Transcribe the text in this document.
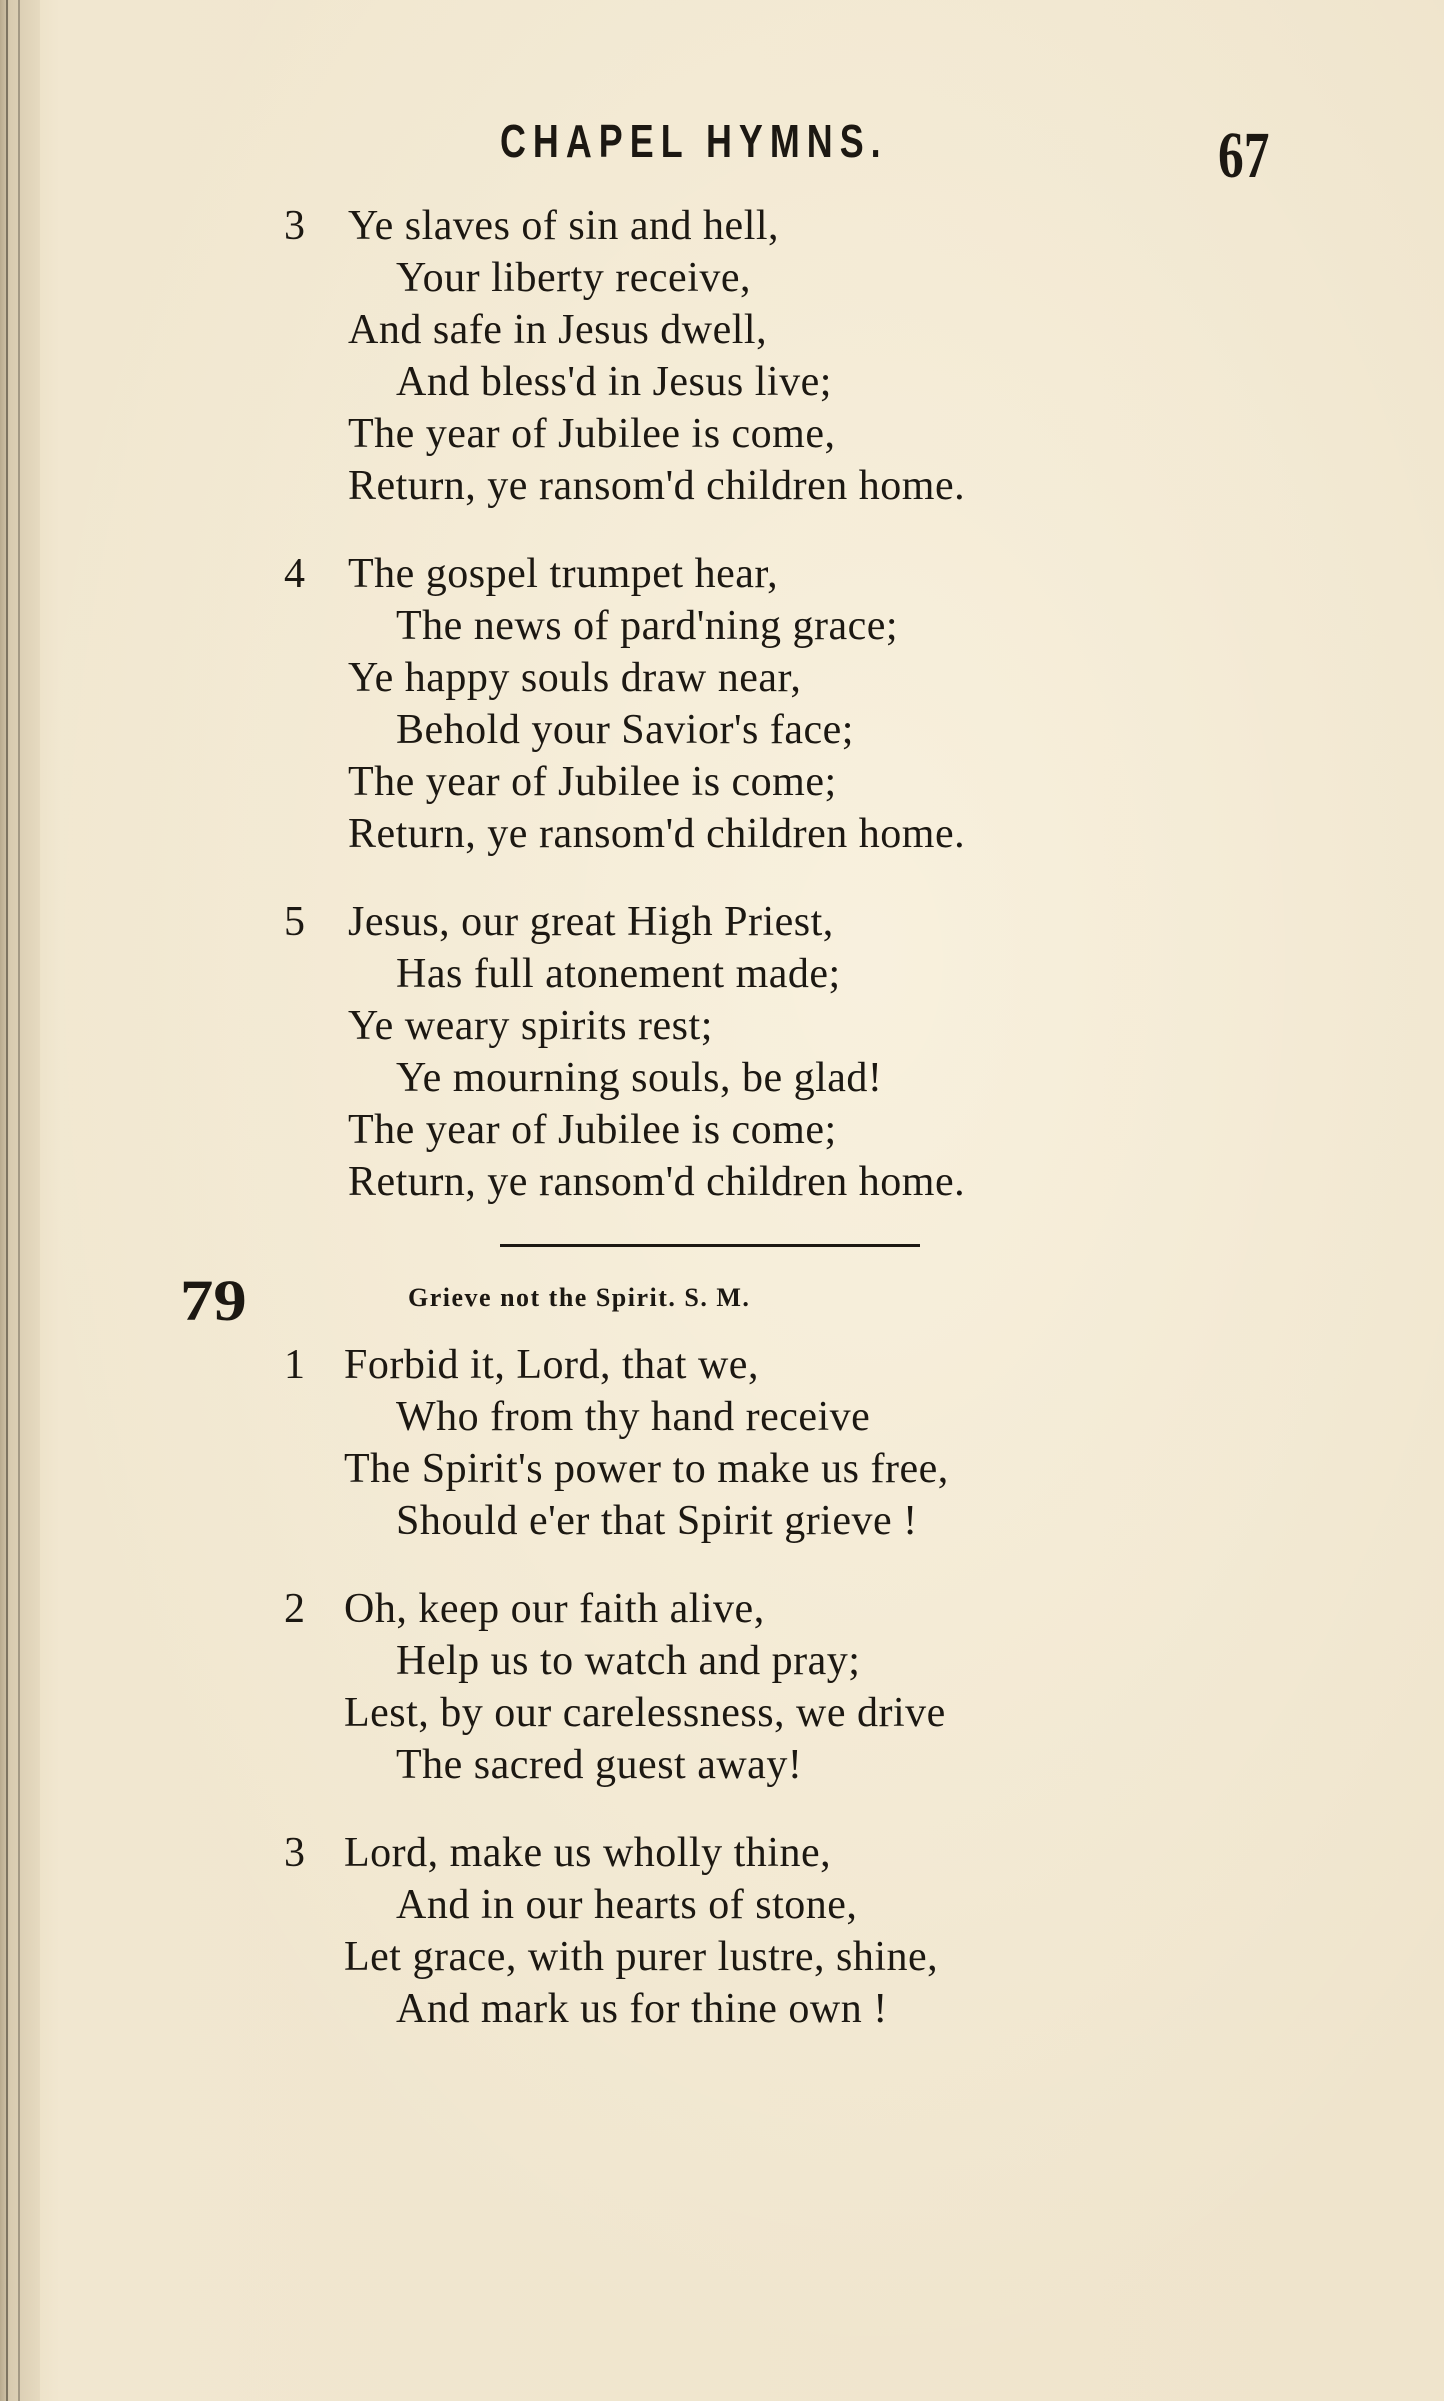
CHAPEL HYMNS.	67
3	Ye slaves of sin and hell,
Your liberty receive,
And safe in Jesus dwell,
And bless'd in Jesus live;
The year of Jubilee is come,
Return, ye ransom'd children home.
4	The gospel trumpet hear,
The news of pard'ning grace;
Ye happy souls draw near,
Behold your Savior's face;
The year of Jubilee is come;
Return, ye ransom'd children home.
5	Jesus, our great High Priest,
Has full atonement made;
Ye weary spirits rest;
Ye mourning souls, be glad!
The year of Jubilee is come;
Return, ye ransom'd children home.
79	Grieve not the Spirit. S. M.
1 Forbid it, Lord, that we,
Who from thy hand receive
The Spirit's power to make us free,
Should e'er that Spirit grieve !
2 Oh, keep our faith alive,
Help us to watch and pray;
Lest, by our carelessness, we drive
The sacred guest away!
3 Lord, make us wholly thine,
And in our hearts of stone,
Let grace, with purer lustre, shine,
And mark us for thine own !
